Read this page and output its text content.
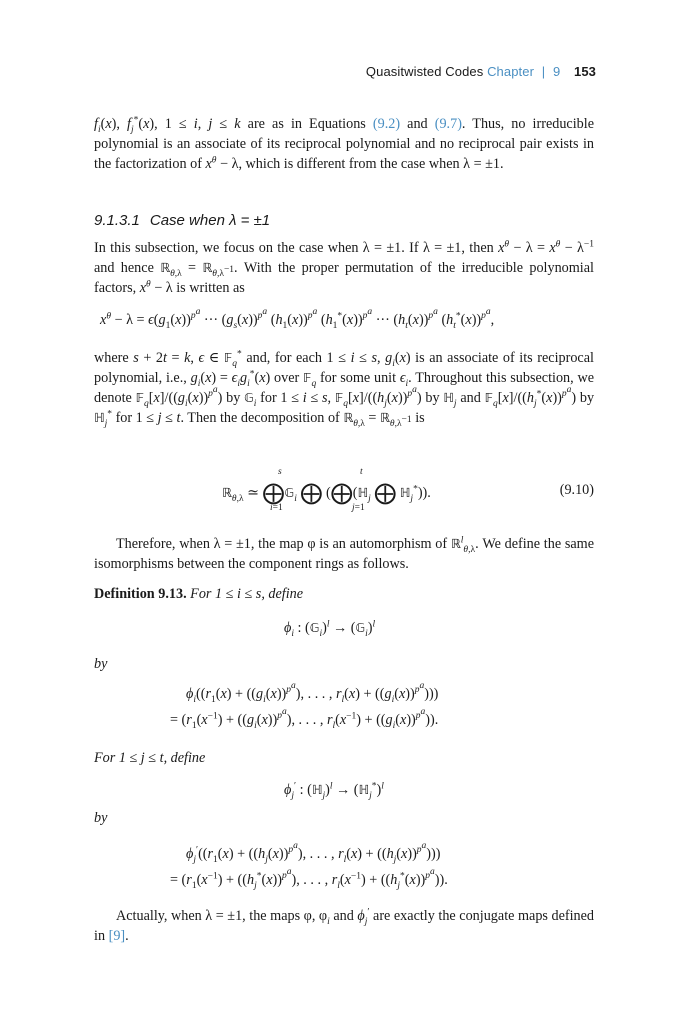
Quasitwisted Codes Chapter | 9 153

$f_i(x)$, $f_j^*(x)$, 1 ≤ i, j ≤ k are as in Equations (9.2) and (9.7). Thus, no irreducible polynomial is an associate of its reciprocal polynomial and no reciprocal pair exists in the factorization of $x^\theta - \lambda$, which is different from the case when λ = ±1.

9.1.3.1 Case when λ = ±1

In this subsection, we focus on the case when λ = ±1. If λ = ±1, then $x^\theta - \lambda = x^\theta - \lambda^{-1}$ and hence ℝ$_{\theta,\lambda}$ = ℝ$_{\theta,\lambda^{-1}}$. With the proper permutation of the irreducible polynomial factors, $x^\theta - \lambda$ is written as

$x^\theta - \lambda = \epsilon(g_1(x))^{p^a}$ ··· $(g_s(x))^{p^a}$ $(h_1(x))^{p^a}$ $(h_1^*(x))^{p^a}$ ··· $(h_t(x))^{p^a}$ $(h_t^*(x))^{p^a}$,

where s + 2t = k, ϵ ∈ 𝔽$_q$* and, for each 1 ≤ i ≤ s, $g_i(x)$ is an associate of its reciprocal polynomial, i.e., $g_i(x) = \epsilon_ig_i^*(x)$ over 𝔽$_q$ for some unit $\epsilon_i$. Throughout this subsection, we denote $𝔽_q[x]/((g_i(x))^{p^a})$ by 𝔾$_i$ for 1 ≤ i ≤ s, $𝔽_q[x]/((h_j(x))^{p^a})$ by ℍ$_j$ and $𝔽_q[x]/((h_j^*(x))^{p^a})$ by ℍ$_j$* for 1 ≤ j ≤ t. Then the decomposition of ℝ$_{\theta,\lambda}$ = ℝ$_{\theta,\lambda^{-1}}$ is

ℝ$_{\theta,\lambda}$ ≃ ⨁𝔾$_i$ ⨁ (⨁(ℍ$_j$ ⨁ ℍ$_j$*)).
s
i=1
t
j=1
(9.10)

Therefore, when λ = ±1, the map φ is an automorphism of ℝ$^l_{\theta,\lambda}$. We define the same isomorphisms between the component rings as follows.

Definition 9.13. For 1 ≤ i ≤ s, define

$\phi_i$ : (𝔾$_i$)$^l$ → (𝔾$_i$)$^l$

by

$\phi_i((r_1(x) + ((g_i(x))^{p^a})$, . . . , $r_l(x) + ((g_i(x))^{p^a})$))
= ($r_1(x^{-1}) + ((g_i(x))^{p^a})$, . . . , $r_l(x^{-1}) + ((g_i(x))^{p^a})$).

For 1 ≤ j ≤ t, define

$\phi_j'$ : (ℍ$_j$)$^l$ → (ℍ$_j$*)$^l$

by

$\phi_j'((r_1(x) + ((h_j(x))^{p^a})$, . . . , $r_l(x) + ((h_j(x))^{p^a})$))
= ($r_1(x^{-1}) + ((h_j^*(x))^{p^a})$, . . . , $r_l(x^{-1}) + ((h_j^*(x))^{p^a})$).

Actually, when λ = ±1, the maps φ, $\varphi_i$ and $\phi_j'$ are exactly the conjugate maps defined in [9].
